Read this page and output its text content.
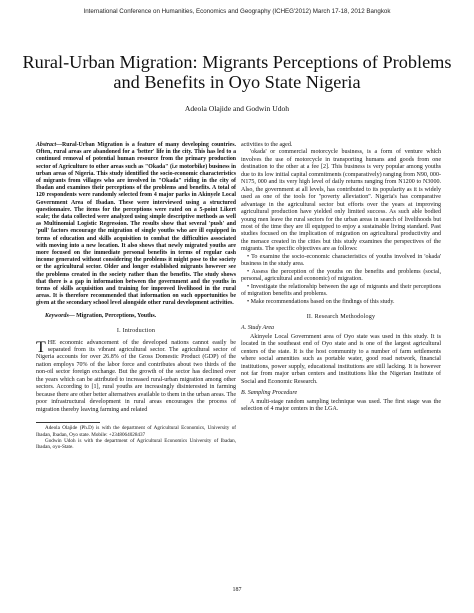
International Conference on Humanities, Economics and Geography (ICHEG'2012) March 17-18, 2012 Bangkok
Rural-Urban Migration: Migrants Perceptions of Problems and Benefits in Oyo State Nigeria
Adeola Olajide and Godwin Udoh

Abstract—Rural-Urban Migration is a feature of many developing countries. Often, rural areas are abandoned for a 'better' life in the city. This has led to a continued removal of potential human resource from the primary production sector of Agriculture to other areas such as "Okada" (i.e motorbike) business in urban areas of Nigeria. This study identified the socio-economic characteristics of migrants from villages who are involved in "Okada" riding in the city of Ibadan and examines their perceptions of the problems and benefits. A total of 120 respondents were randomly selected from 4 major parks in Akinyele Local Government Area of Ibadan. These were interviewed using a structured questionnaire. The items for the perceptions were rated on a 5-point Likert scale; the data collected were analyzed using simple descriptive methods as well as Multinomial Logistic Regression. The results show that several 'push' and 'pull' factors encourage the migration of single youths who are ill equipped in terms of education and skills acquisition to combat the difficulties associated with moving into a new location. It also shows that newly migrated youths are more focused on the immediate personal benefits in terms of regular cash income generated without considering the problems it might pose to the society or the agricultural sector. Older and longer established migrants however see the problems created in the society rather than the benefits. The study shows that there is a gap in information between the government and the youths in terms of skills acquisition and training for improved livelihood in the rural areas. It is therefore recommended that information on such opportunities be given at the secondary school level alongside other rural development activities.

Keywords— Migration, Perceptions, Youths.

I. Introduction

THE economic advancement of the developed nations cannot easily be separated from its vibrant agricultural sector. The agricultural sector of Nigeria accounts for over 26.8% of the Gross Domestic Product (GDP) of the nation employs 70% of the labor force and contributes about two thirds of the non-oil sector foreign exchange. But the growth of the sector has declined over the years which can be attributed to increased rural-urban migration among other sectors. According to [1], rural youths are increasingly disinterested in farming because there are other better alternatives available to them in the urban areas. The poor infrastructural development in rural areas encourages the process of migration thereby leaving farming and related

Adeola Olajide (Ph.D) is with the department of Agricultural Economics, University of Ibadan, Ibadan, Oyo state. Mobile: +2348064028437

Godwin Udoh is with the department of Agricultural Economics University of Ibadan, Ibadan, oyo-State.

activities to the aged.

'okada' or commercial motorcycle business, is a form of venture which involves the use of motorcycle in transporting humans and goods from one destination to the other at a fee [2]. This business is very popular among youths due to its low initial capital commitments (comparatively) ranging from N90, 000-N175, 000 and its very high level of daily returns ranging from N1200 to N3000. Also, the government at all levels, has contributed to its popularity as it is widely used as one of the tools for "poverty alleviation". Nigeria's has comparative advantage in the agricultural sector but efforts over the years at improving agricultural production have yielded only limited success. As such able bodied young men leave the rural sectors for the urban areas in search of livelihoods but most of the time they are ill equipped to enjoy a sustainable living standard. Past studies focused on the implication of migration on agricultural productivity and the menace created in the cities but this study examines the perspectives of the migrants. The specific objectives are as follows:

• To examine the socio-economic characteristics of youths involved in 'okada' business in the study area.

• Assess the perception of the youths on the benefits and problems (social, personal, agricultural and economic) of migration.

• Investigate the relationship between the age of migrants and their perceptions of migration benefits and problems.

• Make recommendations based on the findings of this study.

II. Research Methodology

A. Study Area

Akinyele Local Government area of Oyo state was used in this study. It is located in the southeast end of Oyo state and is one of the largest agricultural centers of the state. It is the host community to a number of farm settlements where social amenities such as portable water, good road network, financial institutions, power supply, educational institutions are still lacking. It is however not far from major urban centers and institutions like the Nigerian Institute of Social and Economic Research.

B. Sampling Procedure

A multi-stage random sampling technique was used. The first stage was the selection of 4 major centers in the LGA.

187
